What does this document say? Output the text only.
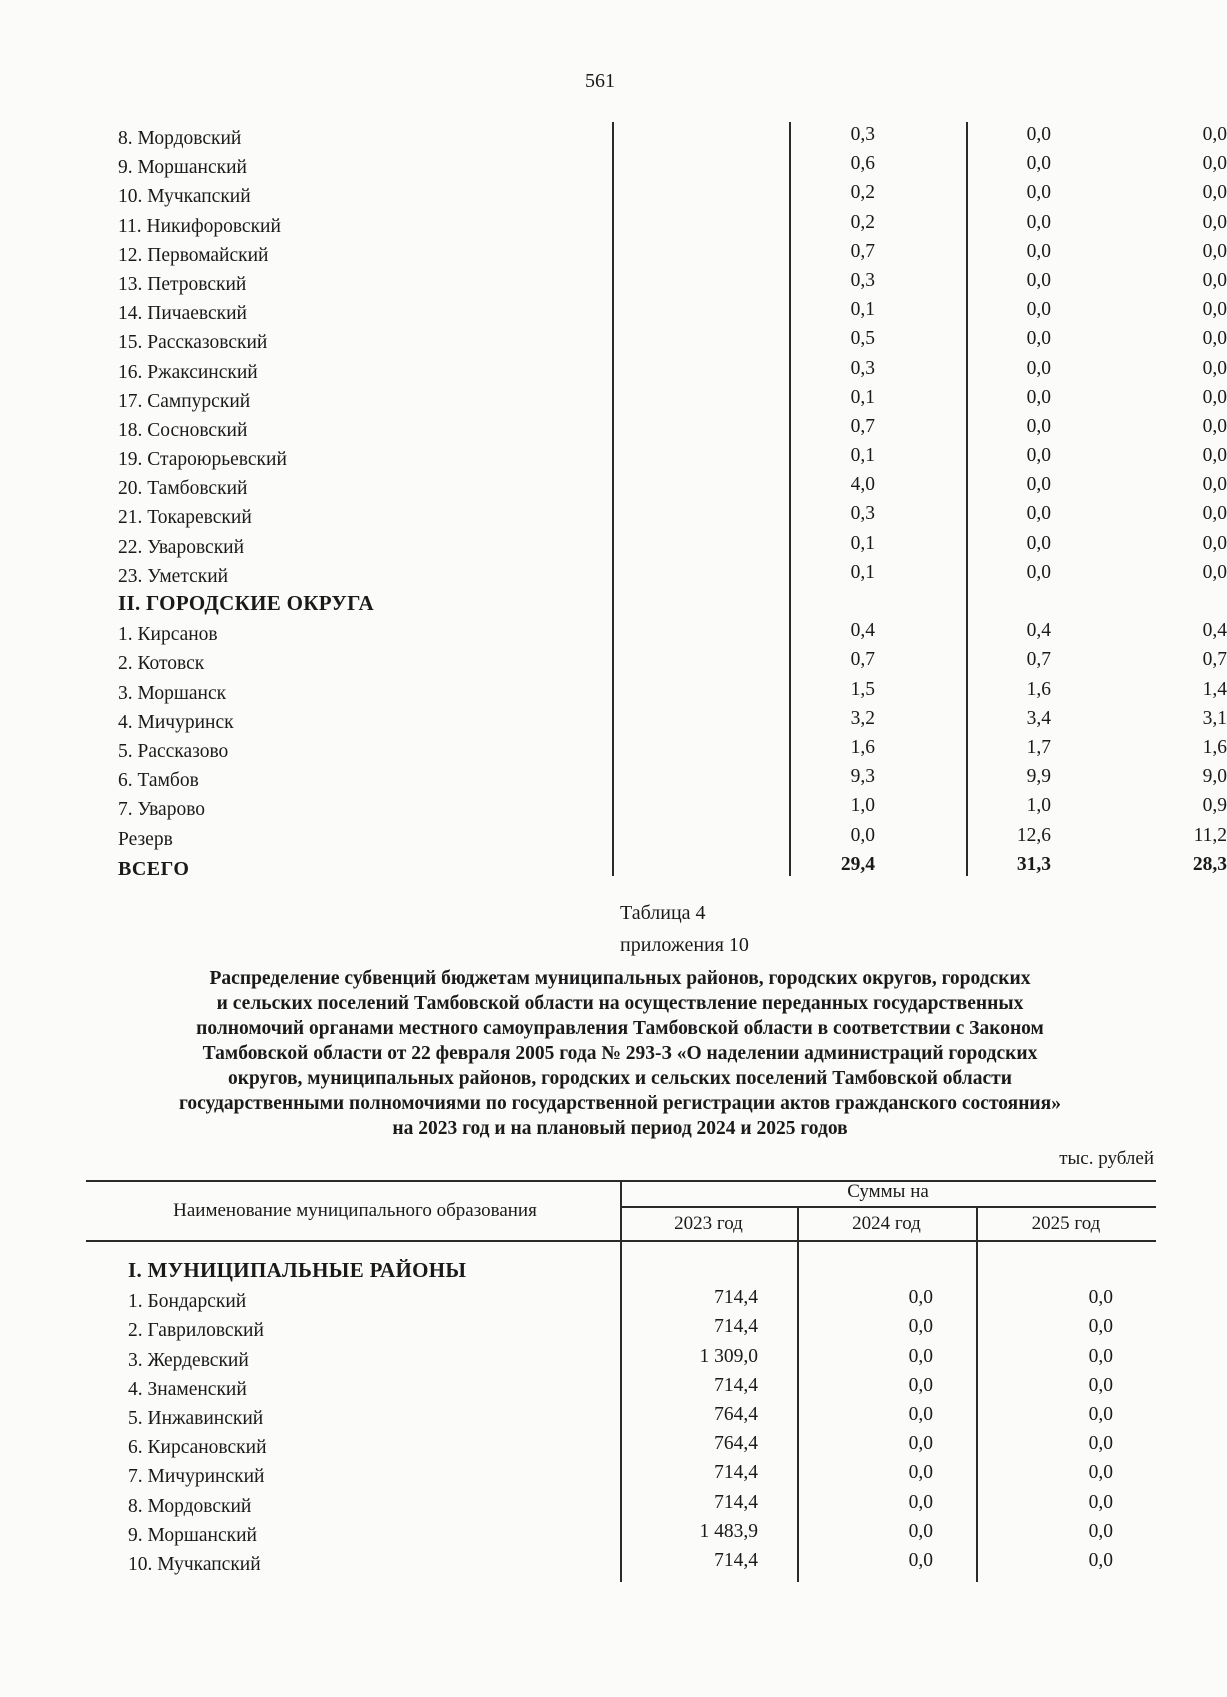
561
8. Мордовский	0,3	0,0	0,0
9. Моршанский	0,6	0,0	0,0
10. Мучкапский	0,2	0,0	0,0
11. Никифоровский	0,2	0,0	0,0
12. Первомайский	0,7	0,0	0,0
13. Петровский	0,3	0,0	0,0
14. Пичаевский	0,1	0,0	0,0
15. Рассказовский	0,5	0,0	0,0
16. Ржаксинский	0,3	0,0	0,0
17. Сампурский	0,1	0,0	0,0
18. Сосновский	0,7	0,0	0,0
19. Староюрьевский	0,1	0,0	0,0
20. Тамбовский	4,0	0,0	0,0
21. Токаревский	0,3	0,0	0,0
22. Уваровский	0,1	0,0	0,0
23. Уметский	0,1	0,0	0,0
II. ГОРОДСКИЕ ОКРУГА
1. Кирсанов	0,4	0,4	0,4
2. Котовск	0,7	0,7	0,7
3. Моршанск	1,5	1,6	1,4
4. Мичуринск	3,2	3,4	3,1
5. Рассказово	1,6	1,7	1,6
6. Тамбов	9,3	9,9	9,0
7. Уварово	1,0	1,0	0,9
Резерв	0,0	12,6	11,2
ВСЕГО	29,4	31,3	28,3
Таблица 4
приложения 10
Распределение субвенций бюджетам муниципальных районов, городских округов, городских
и сельских поселений Тамбовской области на осуществление переданных государственных
полномочий органами местного самоуправления Тамбовской области в соответствии с Законом
Тамбовской области от 22 февраля 2005 года № 293-З «О наделении администраций городских
округов, муниципальных районов, городских и сельских поселений Тамбовской области
государственными полномочиями по государственной регистрации актов гражданского состояния»
на 2023 год и на плановый период 2024 и 2025 годов
тыс. рублей
Наименование муниципального образования
Суммы на
2023 год	2024 год	2025 год
I. МУНИЦИПАЛЬНЫЕ РАЙОНЫ
1. Бондарский	714,4	0,0	0,0
2. Гавриловский	714,4	0,0	0,0
3. Жердевский	1 309,0	0,0	0,0
4. Знаменский	714,4	0,0	0,0
5. Инжавинский	764,4	0,0	0,0
6. Кирсановский	764,4	0,0	0,0
7. Мичуринский	714,4	0,0	0,0
8. Мордовский	714,4	0,0	0,0
9. Моршанский	1 483,9	0,0	0,0
10. Мучкапский	714,4	0,0	0,0
